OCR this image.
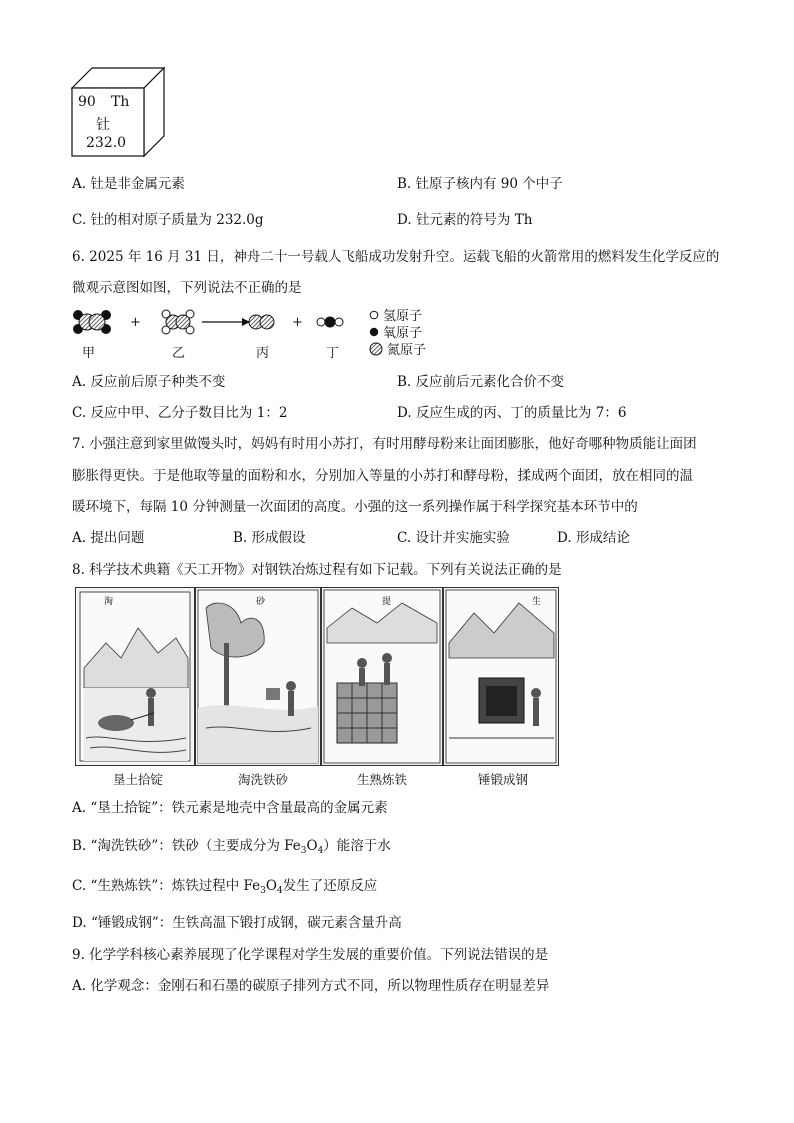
90 Th
钍
232.0
A. 钍是非金属元素	B. 钍原子核内有 90 个中子
C. 钍的相对原子质量为 232.0g	D. 钍元素的符号为 Th
6. 2025 年 16 月 31 日，神舟二十一号载人飞船成功发射升空。运载飞船的火箭常用的燃料发生化学反应的
微观示意图如图，下列说法不正确的是
+	+
甲	乙	丙	丁
氢原子
氧原子
氮原子
A. 反应前后原子种类不变	B. 反应前后元素化合价不变
C. 反应中甲、乙分子数目比为 1：2	D. 反应生成的丙、丁的质量比为 7：6
7. 小强注意到家里做馒头时，妈妈有时用小苏打，有时用酵母粉来让面团膨胀，他好奇哪种物质能让面团
膨胀得更快。于是他取等量的面粉和水，分别加入等量的小苏打和酵母粉，揉成两个面团，放在相同的温
暖环境下，每隔 10 分钟测量一次面团的高度。小强的这一系列操作属于科学探究基本环节中的
A. 提出问题	B. 形成假设	C. 设计并实施实验	D. 形成结论
8. 科学技术典籍《天工开物》对钢铁冶炼过程有如下记载。下列有关说法正确的是
淘	砂	提	生
垦土拾锭	淘洗铁砂	生熟炼铁	锤锻成钢
A. “垦土拾锭”：铁元素是地壳中含量最高的金属元素
B. “淘洗铁砂”：铁砂（主要成分为 $Fe_3O_4$）能溶于水
C. “生熟炼铁”：炼铁过程中 $Fe_3O_4$发生了还原反应
D. “锤锻成钢”：生铁高温下锻打成钢，碳元素含量升高
9. 化学学科核心素养展现了化学课程对学生发展的重要价值。下列说法错误的是
A. 化学观念：金刚石和石墨的碳原子排列方式不同，所以物理性质存在明显差异
